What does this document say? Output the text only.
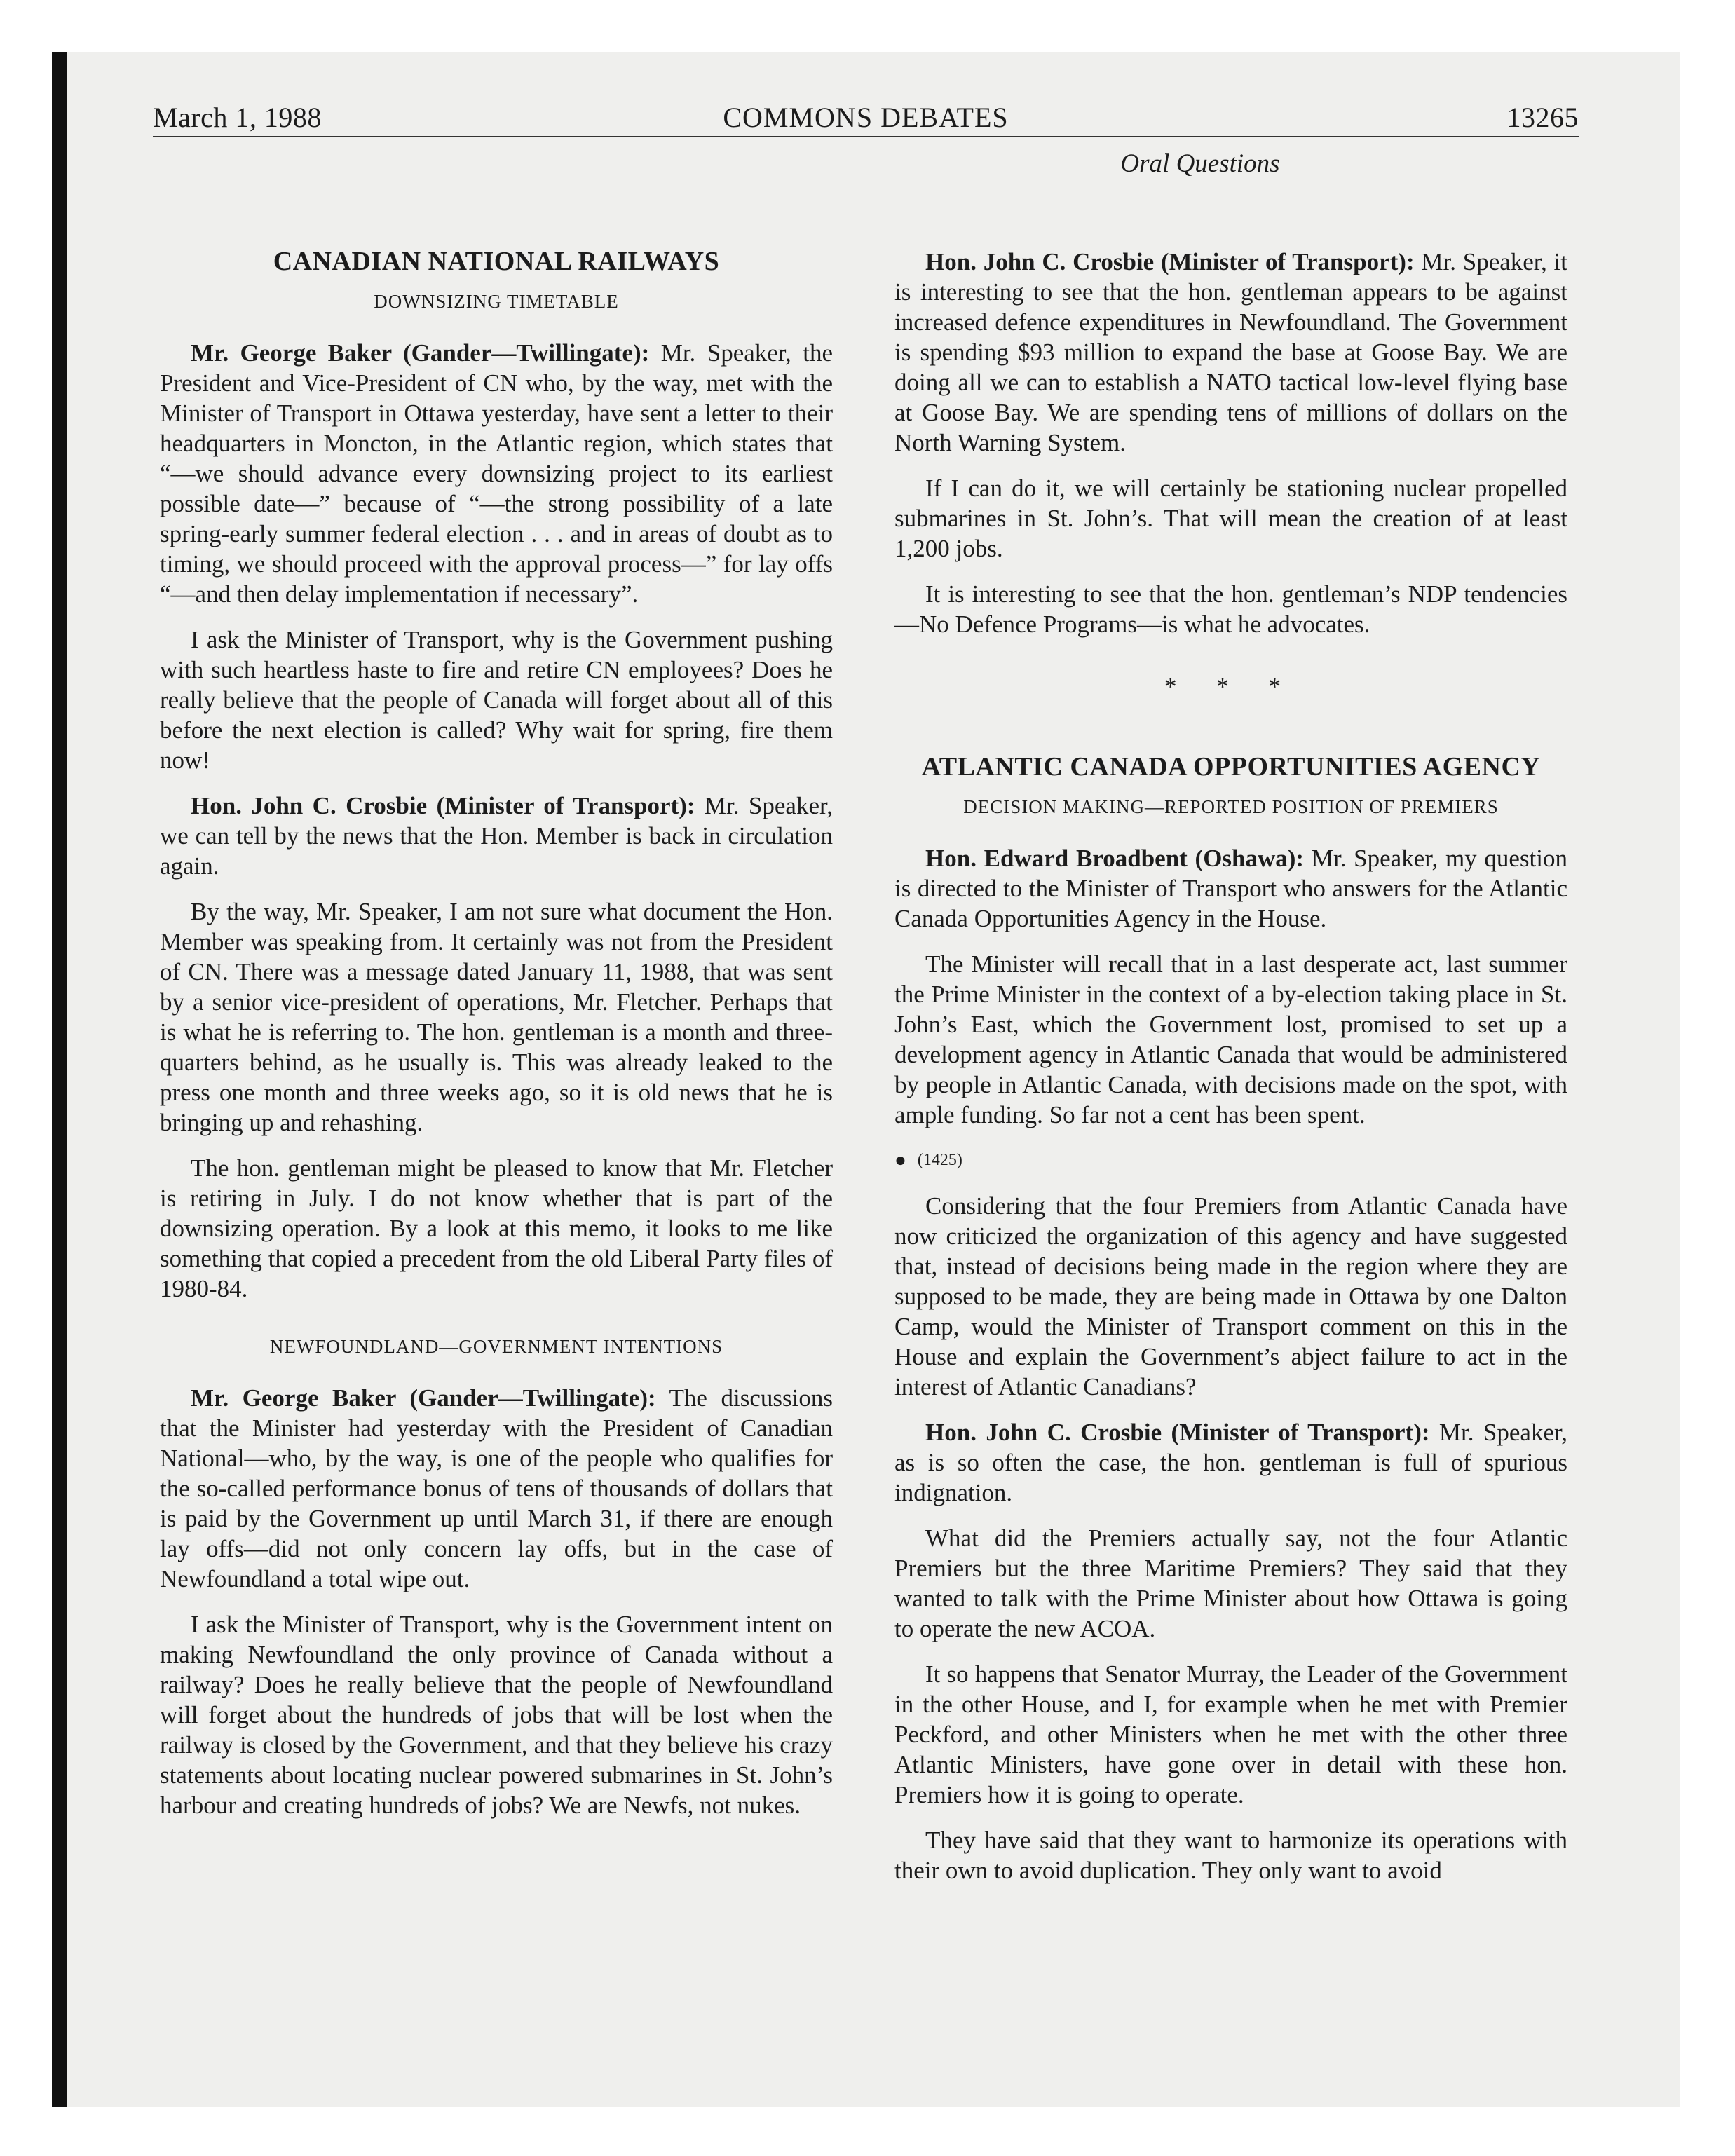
March 1, 1988	COMMONS DEBATES	13265
Oral Questions
CANADIAN NATIONAL RAILWAYS
DOWNSIZING TIMETABLE

Mr. George Baker (Gander—Twillingate): Mr. Speaker, the President and Vice-President of CN who, by the way, met with the Minister of Transport in Ottawa yesterday, have sent a letter to their headquarters in Moncton, in the Atlantic region, which states that “—we should advance every downsizing project to its earliest possible date—” because of “—the strong possibility of a late spring-early summer federal election . . . and in areas of doubt as to timing, we should proceed with the approval process—” for lay offs “—and then delay implementation if necessary”.

I ask the Minister of Transport, why is the Government pushing with such heartless haste to fire and retire CN employees? Does he really believe that the people of Canada will forget about all of this before the next election is called? Why wait for spring, fire them now!

Hon. John C. Crosbie (Minister of Transport): Mr. Speaker, we can tell by the news that the Hon. Member is back in circulation again.

By the way, Mr. Speaker, I am not sure what document the Hon. Member was speaking from. It certainly was not from the President of CN. There was a message dated January 11, 1988, that was sent by a senior vice-president of operations, Mr. Fletcher. Perhaps that is what he is referring to. The hon. gentleman is a month and three-quarters behind, as he usually is. This was already leaked to the press one month and three weeks ago, so it is old news that he is bringing up and rehashing.

The hon. gentleman might be pleased to know that Mr. Fletcher is retiring in July. I do not know whether that is part of the downsizing operation. By a look at this memo, it looks to me like something that copied a precedent from the old Liberal Party files of 1980-84.

NEWFOUNDLAND—GOVERNMENT INTENTIONS

Mr. George Baker (Gander—Twillingate): The discussions that the Minister had yesterday with the President of Canadian National—who, by the way, is one of the people who qualifies for the so-called performance bonus of tens of thousands of dollars that is paid by the Government up until March 31, if there are enough lay offs—did not only concern lay offs, but in the case of Newfoundland a total wipe out.

I ask the Minister of Transport, why is the Government intent on making Newfoundland the only province of Canada without a railway? Does he really believe that the people of Newfoundland will forget about the hundreds of jobs that will be lost when the railway is closed by the Government, and that they believe his crazy statements about locating nuclear powered submarines in St. John’s harbour and creating hundreds of jobs? We are Newfs, not nukes.

Hon. John C. Crosbie (Minister of Transport): Mr. Speaker, it is interesting to see that the hon. gentleman appears to be against increased defence expenditures in Newfoundland. The Government is spending $93 million to expand the base at Goose Bay. We are doing all we can to establish a NATO tactical low-level flying base at Goose Bay. We are spending tens of millions of dollars on the North Warning System.

If I can do it, we will certainly be stationing nuclear propelled submarines in St. John’s. That will mean the creation of at least 1,200 jobs.

It is interesting to see that the hon. gentleman’s NDP tendencies—No Defence Programs—is what he advocates.

* * *
ATLANTIC CANADA OPPORTUNITIES AGENCY
DECISION MAKING—REPORTED POSITION OF PREMIERS

Hon. Edward Broadbent (Oshawa): Mr. Speaker, my question is directed to the Minister of Transport who answers for the Atlantic Canada Opportunities Agency in the House.

The Minister will recall that in a last desperate act, last summer the Prime Minister in the context of a by-election taking place in St. John’s East, which the Government lost, promised to set up a development agency in Atlantic Canada that would be administered by people in Atlantic Canada, with decisions made on the spot, with ample funding. So far not a cent has been spent.

● (1425)

Considering that the four Premiers from Atlantic Canada have now criticized the organization of this agency and have suggested that, instead of decisions being made in the region where they are supposed to be made, they are being made in Ottawa by one Dalton Camp, would the Minister of Transport comment on this in the House and explain the Government’s abject failure to act in the interest of Atlantic Canadians?

Hon. John C. Crosbie (Minister of Transport): Mr. Speaker, as is so often the case, the hon. gentleman is full of spurious indignation.

What did the Premiers actually say, not the four Atlantic Premiers but the three Maritime Premiers? They said that they wanted to talk with the Prime Minister about how Ottawa is going to operate the new ACOA.

It so happens that Senator Murray, the Leader of the Government in the other House, and I, for example when he met with Premier Peckford, and other Ministers when he met with the other three Atlantic Ministers, have gone over in detail with these hon. Premiers how it is going to operate.

They have said that they want to harmonize its operations with their own to avoid duplication. They only want to avoid
